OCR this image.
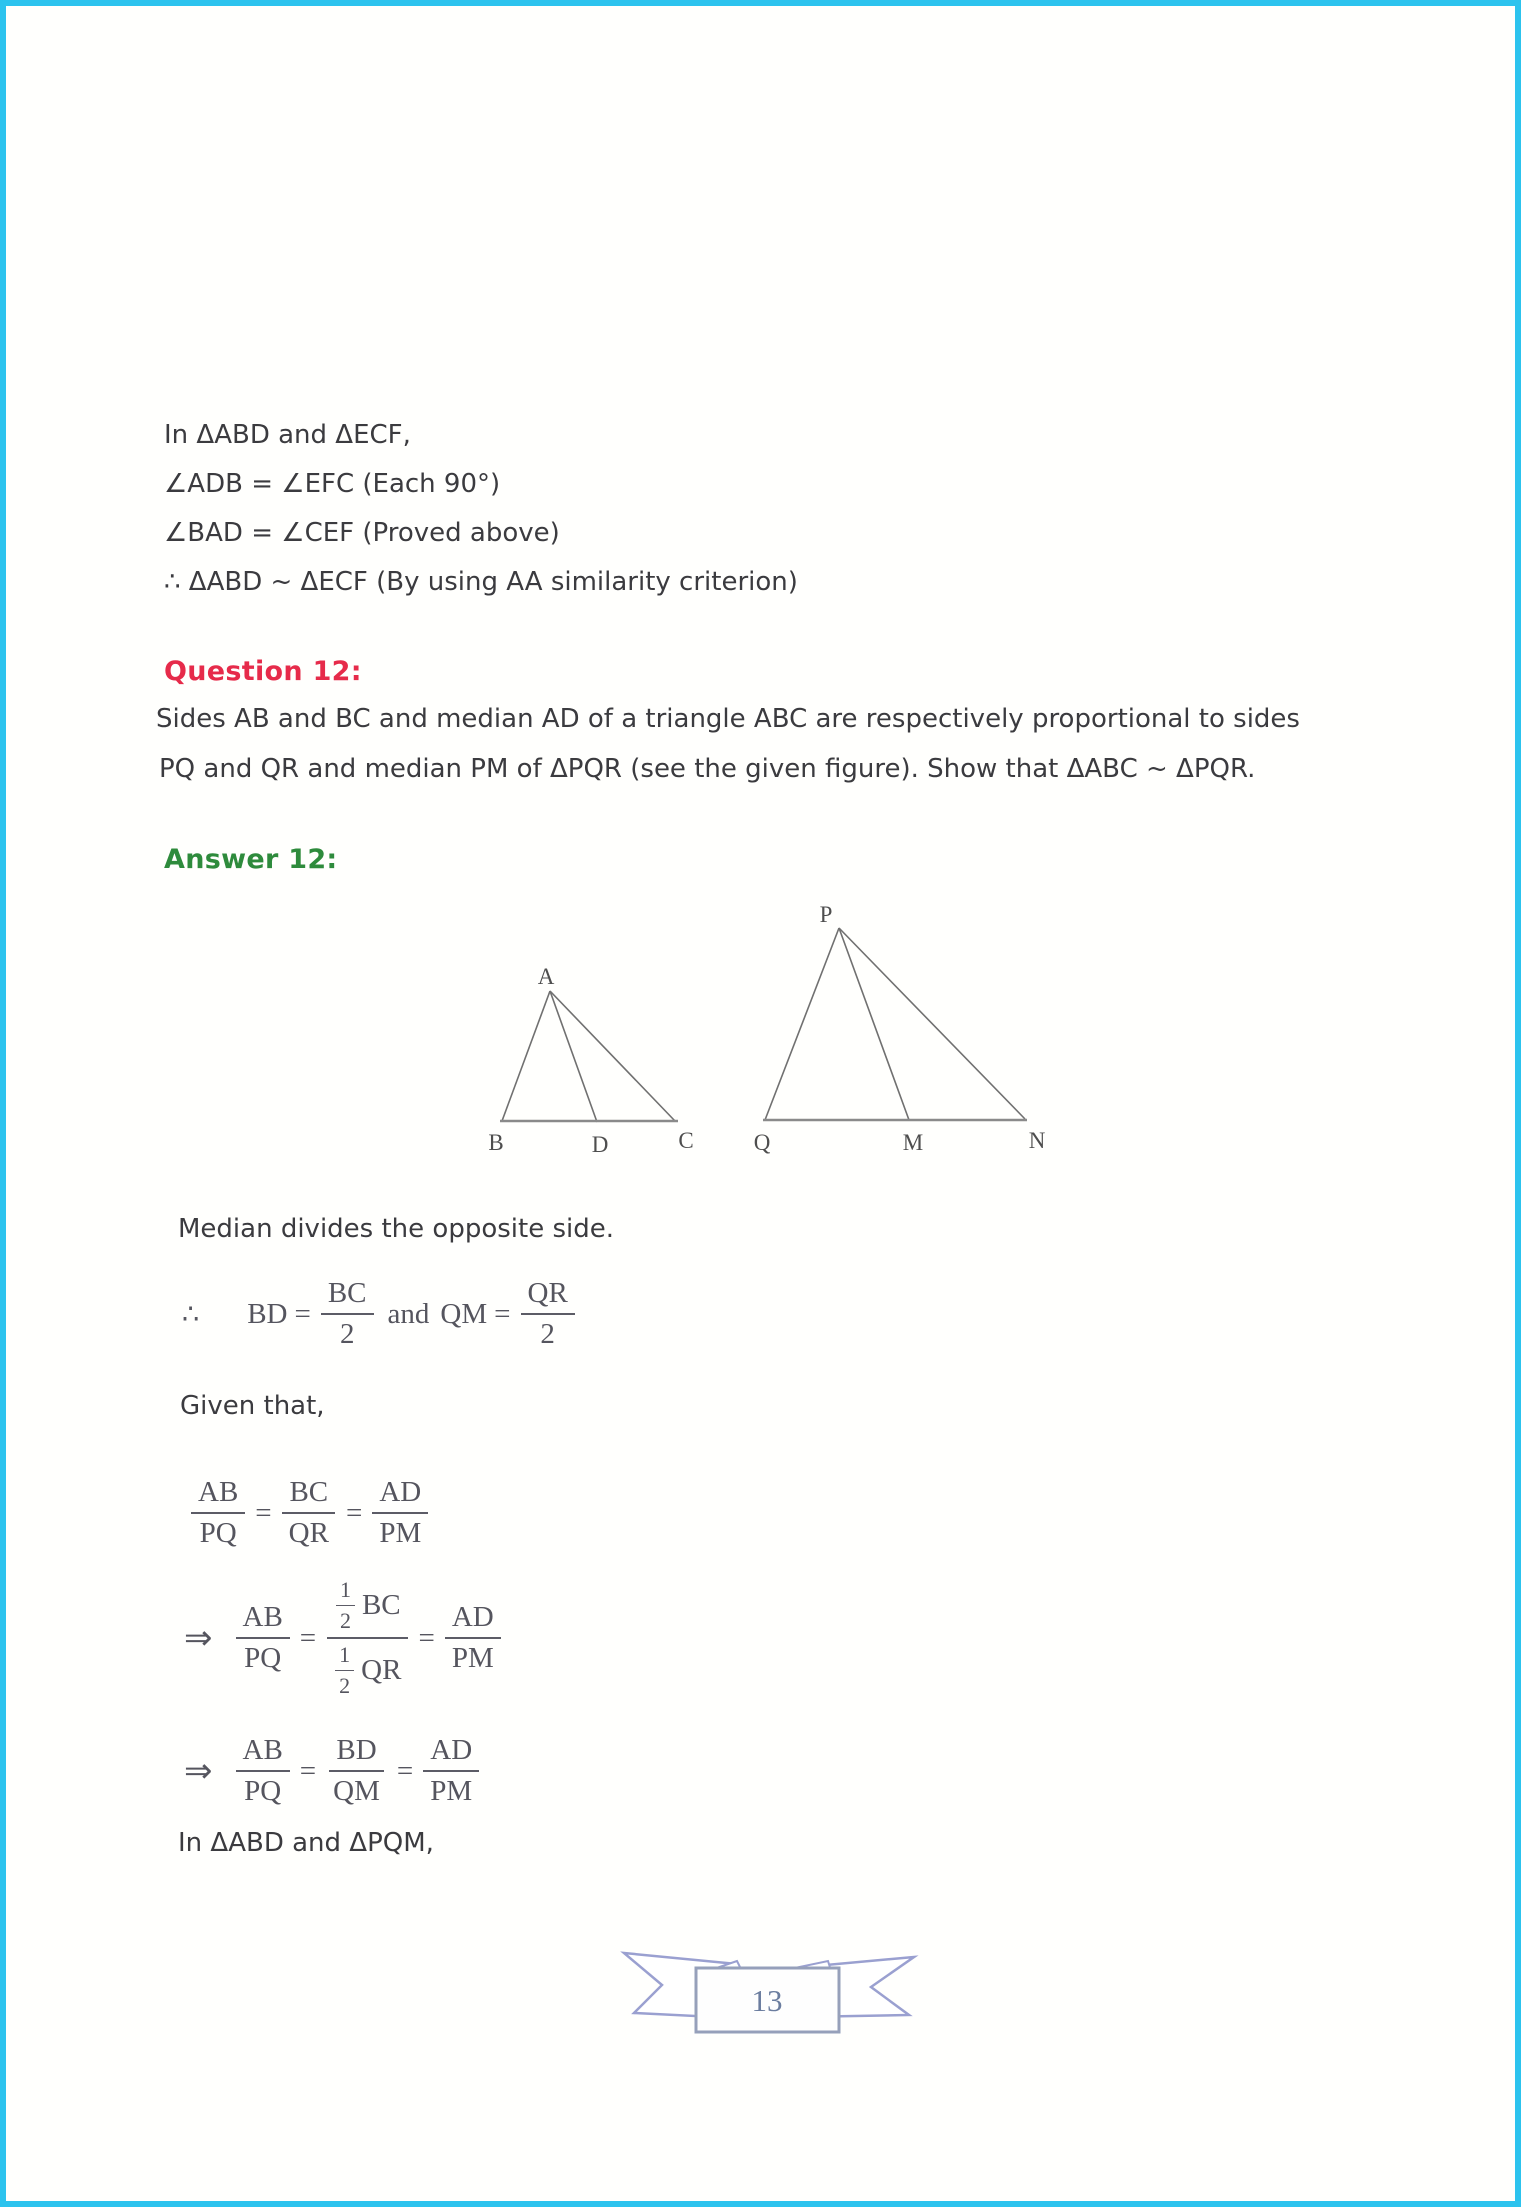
In ΔABD and ΔECF,
∠ADB = ∠EFC (Each 90°)
∠BAD = ∠CEF (Proved above)
∴ ΔABD ~ ΔECF (By using AA similarity criterion)
Question 12:
Sides AB and BC and median AD of a triangle ABC are respectively proportional to sides
PQ and QR and median PM of ΔPQR (see the given figure). Show that ΔABC ~ ΔPQR.
Answer 12:
A
B	D	C
P
Q	M	N
Median divides the opposite side.
∴ BD = $\frac{BC}{2}$ and QM = $\frac{QR}{2}$
Given that,
$\frac{AB}{PQ} = \frac{BC}{QR} = \frac{AD}{PM}$
⇒ $\frac{AB}{PQ} = \frac{\frac{1}{2} BC}{\frac{1}{2} QR} = \frac{AD}{PM}$
⇒ $\frac{AB}{PQ} = \frac{BD}{QM} = \frac{AD}{PM}$
In ΔABD and ΔPQM,
13
